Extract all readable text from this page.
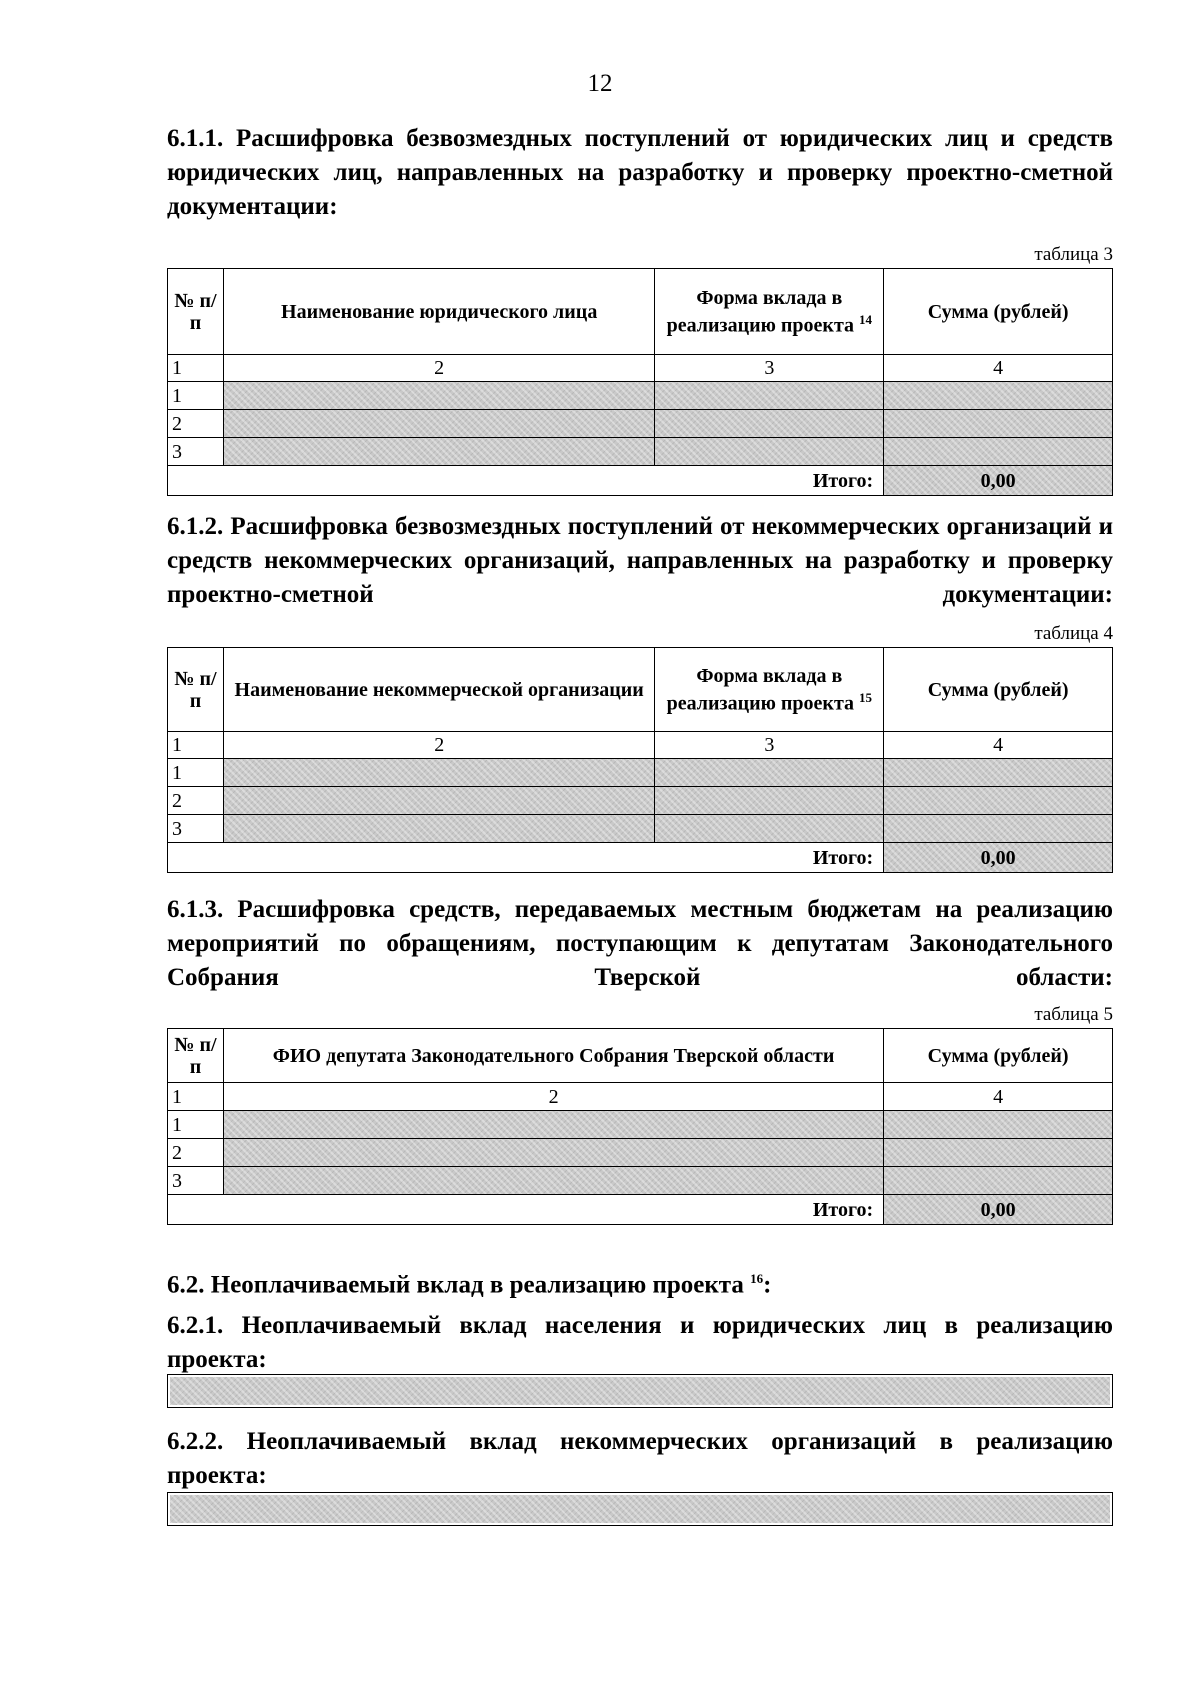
12
6.1.1. Расшифровка безвозмездных поступлений от юридических лиц и средств юридических лиц, направленных на разработку и проверку проектно-сметной документации:
таблица 3
№ п/п	Наименование юридического лица	Форма вклада в реализацию проекта $^{14}$	Сумма (рублей)
1	2	3	4
1			
2			
3			
Итого:			0,00
6.1.2. Расшифровка безвозмездных поступлений от некоммерческих организаций и средств некоммерческих организаций, направленных на разработку и проверку проектно-сметной документации:
таблица 4
№ п/п	Наименование некоммерческой организации	Форма вклада в реализацию проекта $^{15}$	Сумма (рублей)
1	2	3	4
1			
2			
3			
Итого:			0,00
6.1.3. Расшифровка средств, передаваемых местным бюджетам на реализацию мероприятий по обращениям, поступающим к депутатам Законодательного Собрания Тверской области:
таблица 5
№ п/п	ФИО депутата Законодательного Собрания Тверской области	Сумма (рублей)
1	2	4
1		
2		
3		
Итого:		0,00
6.2. Неоплачиваемый вклад в реализацию проекта $^{16}$:
6.2.1. Неоплачиваемый вклад населения и юридических лиц в реализацию проекта:
6.2.2. Неоплачиваемый вклад некоммерческих организаций в реализацию проекта:
